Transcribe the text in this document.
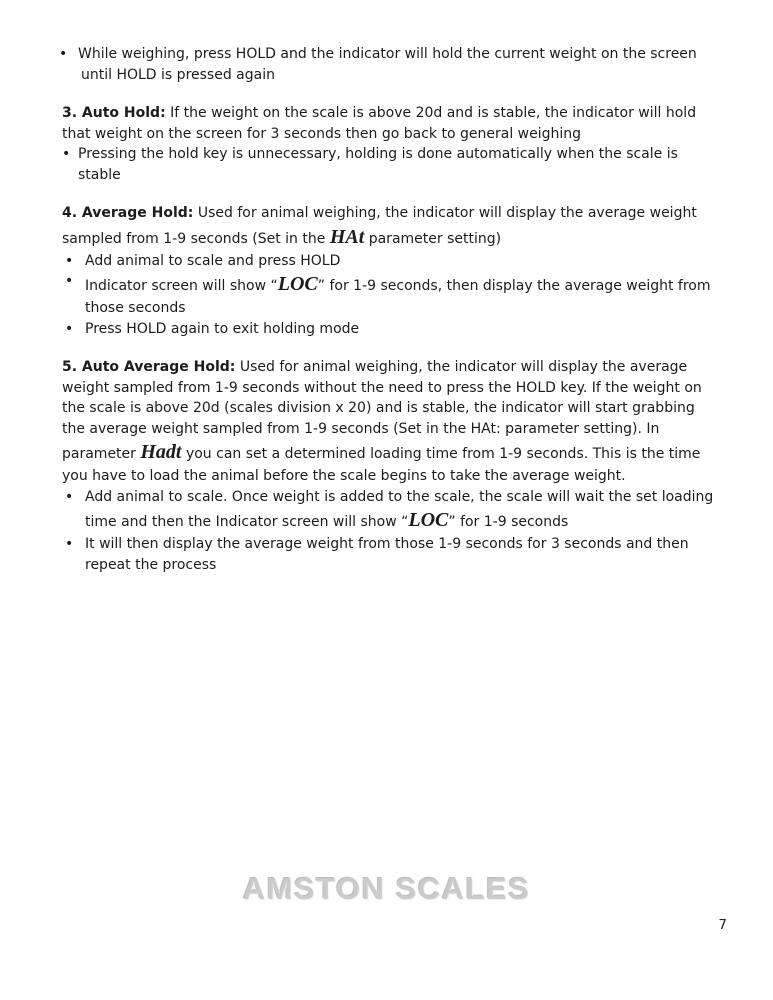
• While weighing, press HOLD and the indicator will hold the current weight on the screen until HOLD is pressed again

3. Auto Hold: If the weight on the scale is above 20d and is stable, the indicator will hold that weight on the screen for 3 seconds then go back to general weighing

• Pressing the hold key is unnecessary, holding is done automatically when the scale is stable

4. Average Hold: Used for animal weighing, the indicator will display the average weight sampled from 1-9 seconds (Set in the HAt parameter setting)

• Add animal to scale and press HOLD
• Indicator screen will show “LOC” for 1-9 seconds, then display the average weight from those seconds
• Press HOLD again to exit holding mode

5. Auto Average Hold: Used for animal weighing, the indicator will display the average weight sampled from 1-9 seconds without the need to press the HOLD key. If the weight on the scale is above 20d (scales division x 20) and is stable, the indicator will start grabbing the average weight sampled from 1-9 seconds (Set in the HAt: parameter setting). In parameter Hadt you can set a determined loading time from 1-9 seconds. This is the time you have to load the animal before the scale begins to take the average weight.

• Add animal to scale. Once weight is added to the scale, the scale will wait the set loading time and then the Indicator screen will show “LOC” for 1-9 seconds
• It will then display the average weight from those 1-9 seconds for 3 seconds and then repeat the process
AMSTON SCALES
7
